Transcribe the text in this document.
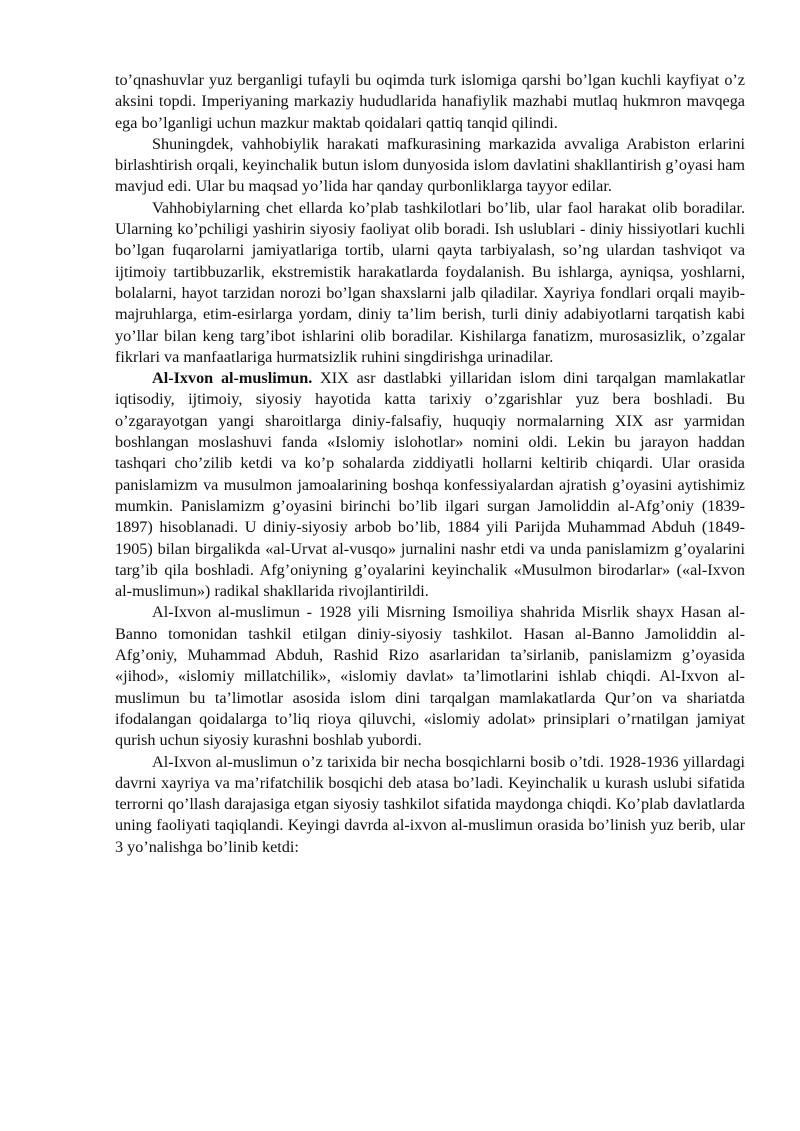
to’qnashuvlar yuz berganligi tufayli bu oqimda turk islomiga qarshi bo’lgan kuchli kayfiyat o’z aksini topdi. Imperiyaning markaziy hududlarida hanafiylik mazhabi mutlaq hukmron mavqega ega bo’lganligi uchun mazkur maktab qoidalari qattiq tanqid qilindi.

Shuningdek, vahhobiylik harakati mafkurasining markazida avvaliga Arabiston erlarini birlashtirish orqali, keyinchalik butun islom dunyosida islom davlatini shakllantirish g’oyasi ham mavjud edi. Ular bu maqsad yo’lida har qanday qurbonliklarga tayyor edilar.

Vahhobiylarning chet ellarda ko’plab tashkilotlari bo’lib, ular faol harakat olib boradilar. Ularning ko’pchiligi yashirin siyosiy faoliyat olib boradi. Ish uslublari - diniy hissiyotlari kuchli bo’lgan fuqarolarni jamiyatlariga tortib, ularni qayta tarbiyalash, so’ng ulardan tashviqot va ijtimoiy tartibbuzarlik, ekstremistik harakatlarda foydalanish. Bu ishlarga, ayniqsa, yoshlarni, bolalarni, hayot tarzidan norozi bo’lgan shaxslarni jalb qiladilar. Xayriya fondlari orqali mayib-majruhlarga, etim-esirlarga yordam, diniy ta’lim berish, turli diniy adabiyotlarni tarqatish kabi yo’llar bilan keng targ’ibot ishlarini olib boradilar. Kishilarga fanatizm, murosasizlik, o’zgalar fikrlari va manfaatlariga hurmatsizlik ruhini singdirishga urinadilar.

Al-Ixvon al-muslimun. XIX asr dastlabki yillaridan islom dini tarqalgan mamlakatlar iqtisodiy, ijtimoiy, siyosiy hayotida katta tarixiy o’zgarishlar yuz bera boshladi. Bu o’zgarayotgan yangi sharoitlarga diniy-falsafiy, huquqiy normalarning XIX asr yarmidan boshlangan moslashuvi fanda «Islomiy islohotlar» nomini oldi. Lekin bu jarayon haddan tashqari cho’zilib ketdi va ko’p sohalarda ziddiyatli hollarni keltirib chiqardi. Ular orasida panislamizm va musulmon jamoalarining boshqa konfessiyalardan ajratish g’oyasini aytishimiz mumkin. Panislamizm g’oyasini birinchi bo’lib ilgari surgan Jamoliddin al-Afg’oniy (1839-1897) hisoblanadi. U diniy-siyosiy arbob bo’lib, 1884 yili Parijda Muhammad Abduh (1849-1905) bilan birgalikda «al-Urvat al-vusqo» jurnalini nashr etdi va unda panislamizm g’oyalarini targ’ib qila boshladi. Afg’oniyning g’oyalarini keyinchalik «Musulmon birodarlar» («al-Ixvon al-muslimun») radikal shakllarida rivojlantirildi.

Al-Ixvon al-muslimun - 1928 yili Misrning Ismoiliya shahrida Misrlik shayx Hasan al-Banno tomonidan tashkil etilgan diniy-siyosiy tashkilot. Hasan al-Banno Jamoliddin al-Afg’oniy, Muhammad Abduh, Rashid Rizo asarlaridan ta’sirlanib, panislamizm g’oyasida «jihod», «islomiy millatchilik», «islomiy davlat» ta’limotlarini ishlab chiqdi. Al-Ixvon al-muslimun bu ta’limotlar asosida islom dini tarqalgan mamlakatlarda Qur’on va shariatda ifodalangan qoidalarga to’liq rioya qiluvchi, «islomiy adolat» prinsiplari o’rnatilgan jamiyat qurish uchun siyosiy kurashni boshlab yubordi.

Al-Ixvon al-muslimun o’z tarixida bir necha bosqichlarni bosib o’tdi. 1928-1936 yillardagi davrni xayriya va ma’rifatchilik bosqichi deb atasa bo’ladi. Keyinchalik u kurash uslubi sifatida terrorni qo’llash darajasiga etgan siyosiy tashkilot sifatida maydonga chiqdi. Ko’plab davlatlarda uning faoliyati taqiqlandi. Keyingi davrda al-ixvon al-muslimun orasida bo’linish yuz berib, ular 3 yo’nalishga bo’linib ketdi:
